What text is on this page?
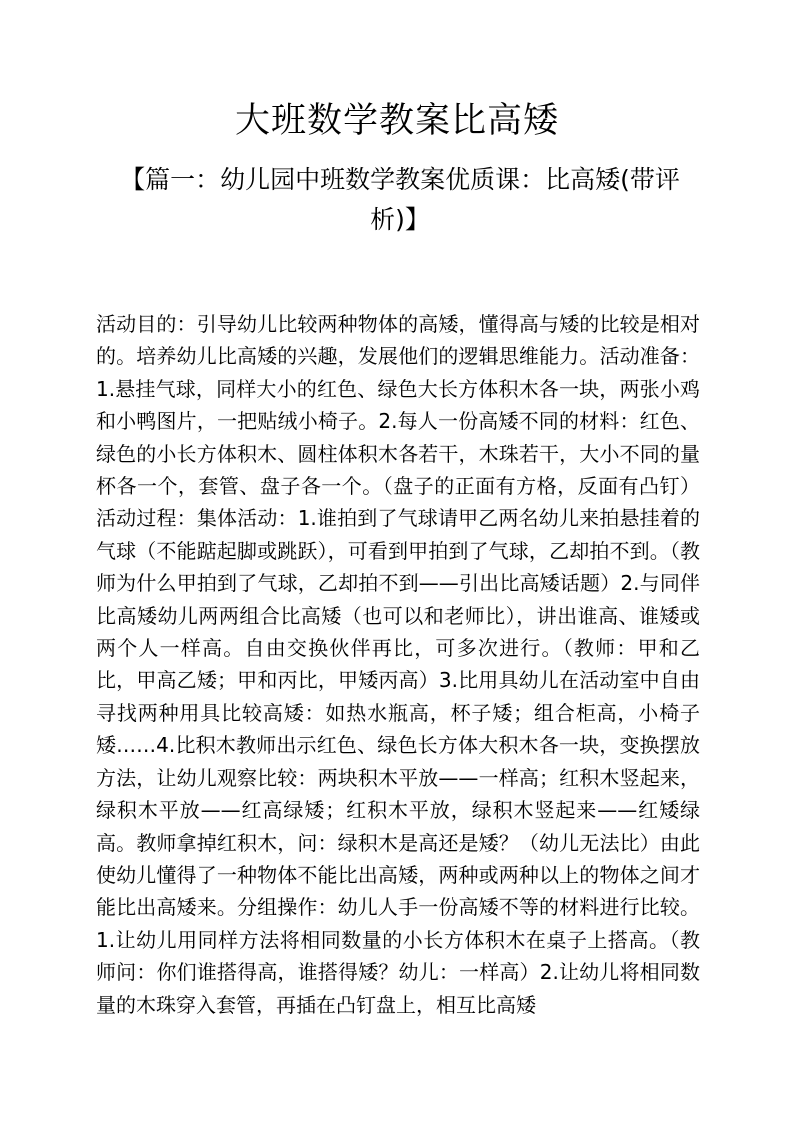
大班数学教案比高矮

【篇一：幼儿园中班数学教案优质课：比高矮(带评析)】

活动目的：引导幼儿比较两种物体的高矮，懂得高与矮的比较是相对的。培养幼儿比高矮的兴趣，发展他们的逻辑思维能力。活动准备：1.悬挂气球，同样大小的红色、绿色大长方体积木各一块，两张小鸡和小鸭图片，一把贴绒小椅子。2.每人一份高矮不同的材料：红色、绿色的小长方体积木、圆柱体积木各若干，木珠若干，大小不同的量杯各一个，套管、盘子各一个。（盘子的正面有方格，反面有凸钉）活动过程：集体活动：1.谁拍到了气球请甲乙两名幼儿来拍悬挂着的气球（不能踮起脚或跳跃），可看到甲拍到了气球，乙却拍不到。（教师为什么甲拍到了气球，乙却拍不到——引出比高矮话题）2.与同伴比高矮幼儿两两组合比高矮（也可以和老师比），讲出谁高、谁矮或两个人一样高。自由交换伙伴再比，可多次进行。（教师：甲和乙比，甲高乙矮；甲和丙比，甲矮丙高）3.比用具幼儿在活动室中自由寻找两种用具比较高矮：如热水瓶高，杯子矮；组合柜高，小椅子矮……4.比积木教师出示红色、绿色长方体大积木各一块，变换摆放方法，让幼儿观察比较：两块积木平放——一样高；红积木竖起来，绿积木平放——红高绿矮；红积木平放，绿积木竖起来——红矮绿高。教师拿掉红积木，问：绿积木是高还是矮？（幼儿无法比）由此使幼儿懂得了一种物体不能比出高矮，两种或两种以上的物体之间才能比出高矮来。分组操作：幼儿人手一份高矮不等的材料进行比较。1.让幼儿用同样方法将相同数量的小长方体积木在桌子上搭高。（教师问：你们谁搭得高，谁搭得矮？幼儿：一样高）2.让幼儿将相同数量的木珠穿入套管，再插在凸钉盘上，相互比高矮
